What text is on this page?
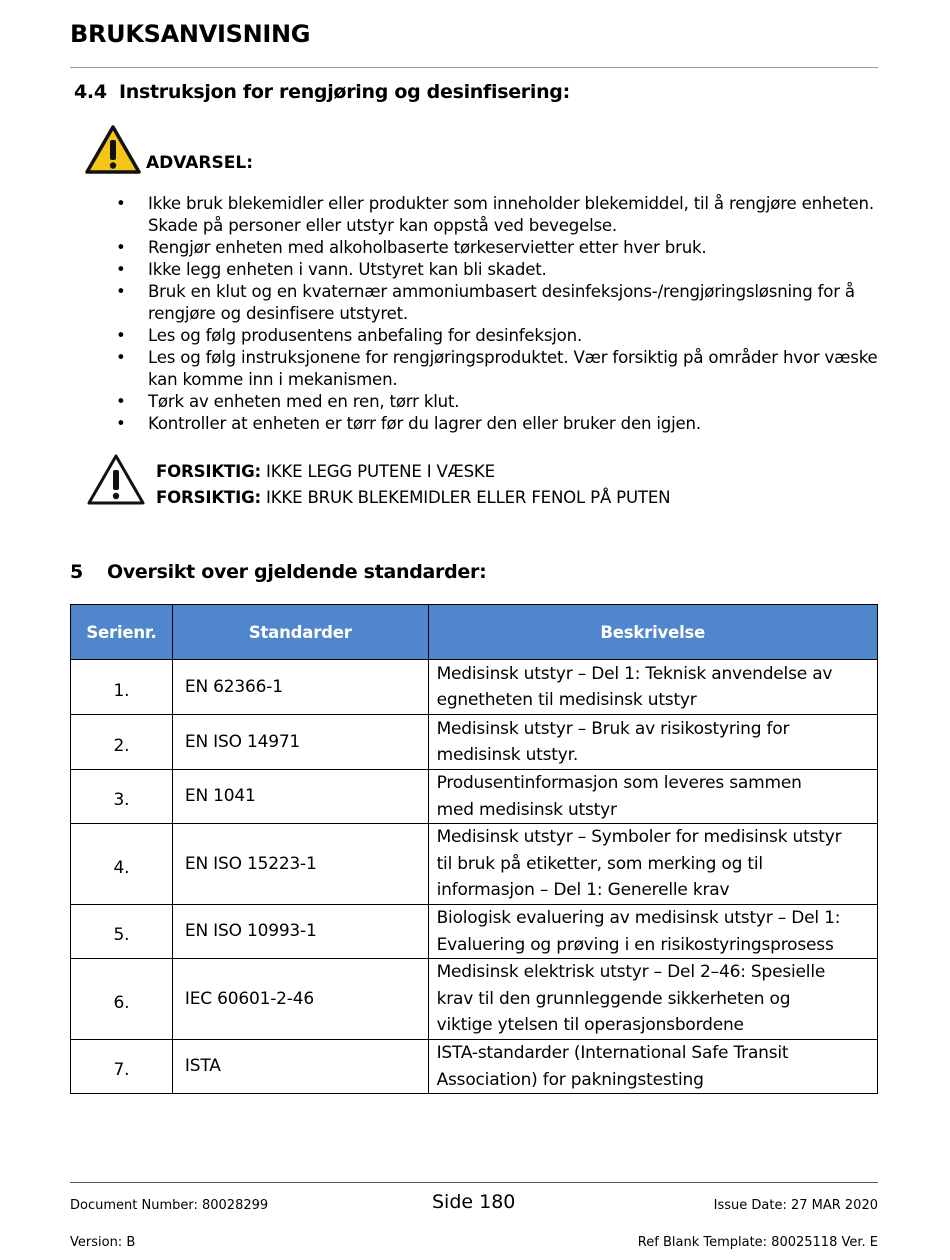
BRUKSANVISNING
4.4 Instruksjon for rengjøring og desinfisering:
ADVARSEL:
• Ikke bruk blekemidler eller produkter som inneholder blekemiddel, til å rengjøre enheten. Skade på personer eller utstyr kan oppstå ved bevegelse.
• Rengjør enheten med alkoholbaserte tørkeservietter etter hver bruk.
• Ikke legg enheten i vann. Utstyret kan bli skadet.
• Bruk en klut og en kvaternær ammoniumbasert desinfeksjons-/rengjøringsløsning for å rengjøre og desinfisere utstyret.
• Les og følg produsentens anbefaling for desinfeksjon.
• Les og følg instruksjonene for rengjøringsproduktet. Vær forsiktig på områder hvor væske kan komme inn i mekanismen.
• Tørk av enheten med en ren, tørr klut.
• Kontroller at enheten er tørr før du lagrer den eller bruker den igjen.
FORSIKTIG: IKKE LEGG PUTENE I VÆSKE
FORSIKTIG: IKKE BRUK BLEKEMIDLER ELLER FENOL PÅ PUTEN
5 Oversikt over gjeldende standarder:
Serienr.	Standarder	Beskrivelse
1.	EN 62366-1	Medisinsk utstyr – Del 1: Teknisk anvendelse av
egnetheten til medisinsk utstyr

2.	EN ISO 14971	Medisinsk utstyr – Bruk av risikostyring for
medisinsk utstyr.

3.	EN 1041	Produsentinformasjon som leveres sammen
med medisinsk utstyr

4.	EN ISO 15223-1	Medisinsk utstyr – Symboler for medisinsk utstyr
til bruk på etiketter, som merking og til
informasjon – Del 1: Generelle krav

5.	EN ISO 10993-1	Biologisk evaluering av medisinsk utstyr – Del 1:
Evaluering og prøving i en risikostyringsprosess

6.	IEC 60601-2-46	Medisinsk elektrisk utstyr – Del 2–46: Spesielle
krav til den grunnleggende sikkerheten og
viktige ytelsen til operasjonsbordene

7.	ISTA	ISTA-standarder (International Safe Transit
Association) for pakningstesting
Document Number: 80028299	Side 180	Issue Date: 27 MAR 2020
Version: B	Ref Blank Template: 80025118 Ver. E
